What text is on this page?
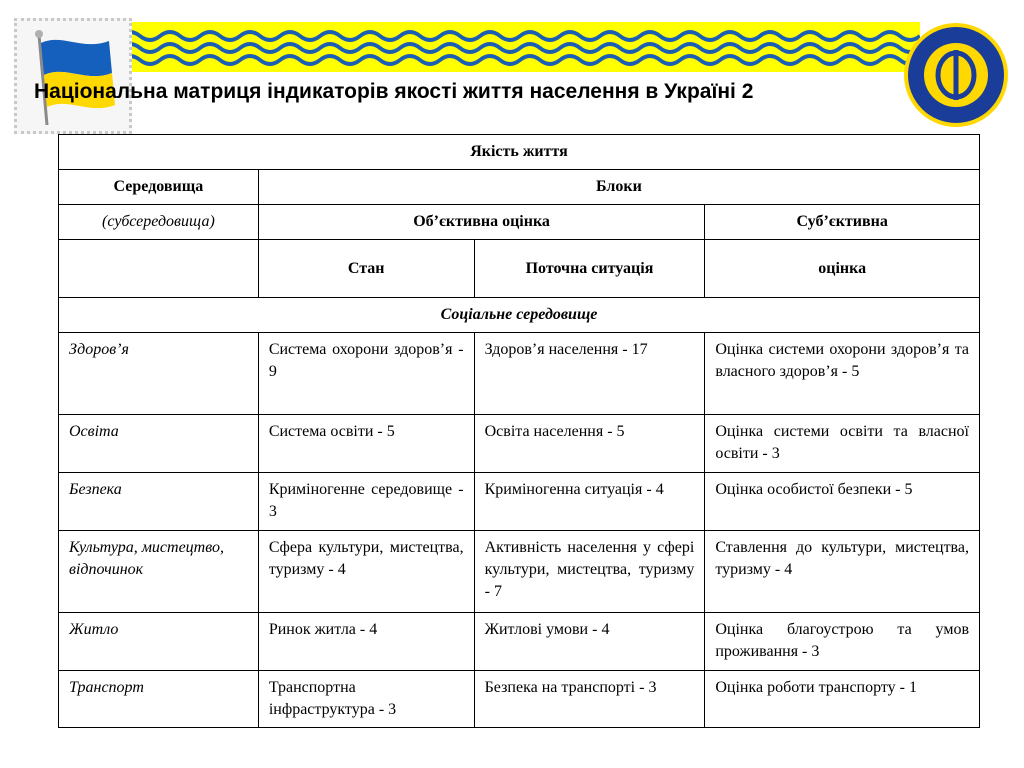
Національна матриця індикаторів якості життя населення в Україні 2
Якість життя			
Середовища	Блоки		
(субсередовища)	Обʼєктивна оцінка		Субʼєктивна
	Стан	Поточна ситуація	оцінка
Соціальне середовище			
Здоровʼя	Система охорони здоровʼя - 9	Здоровʼя населення - 17	Оцінка системи охорони здоровʼя та власного здоровʼя - 5
Освіта	Система освіти - 5	Освіта населення - 5	Оцінка системи освіти та власної освіти - 3
Безпека	Криміногенне середовище - 3	Криміногенна ситуація - 4	Оцінка особистої безпеки - 5
Культура, мистецтво, відпочинок	Сфера культури, мистецтва, туризму - 4	Активність населення у сфері культури, мистецтва, туризму - 7	Ставлення до культури, мистецтва, туризму - 4
Житло	Ринок житла - 4	Житлові умови - 4	Оцінка благоустрою та умов проживання - 3
Транспорт	Транспортна інфраструктура - 3	Безпека на транспорті - 3	Оцінка роботи транспорту - 1
